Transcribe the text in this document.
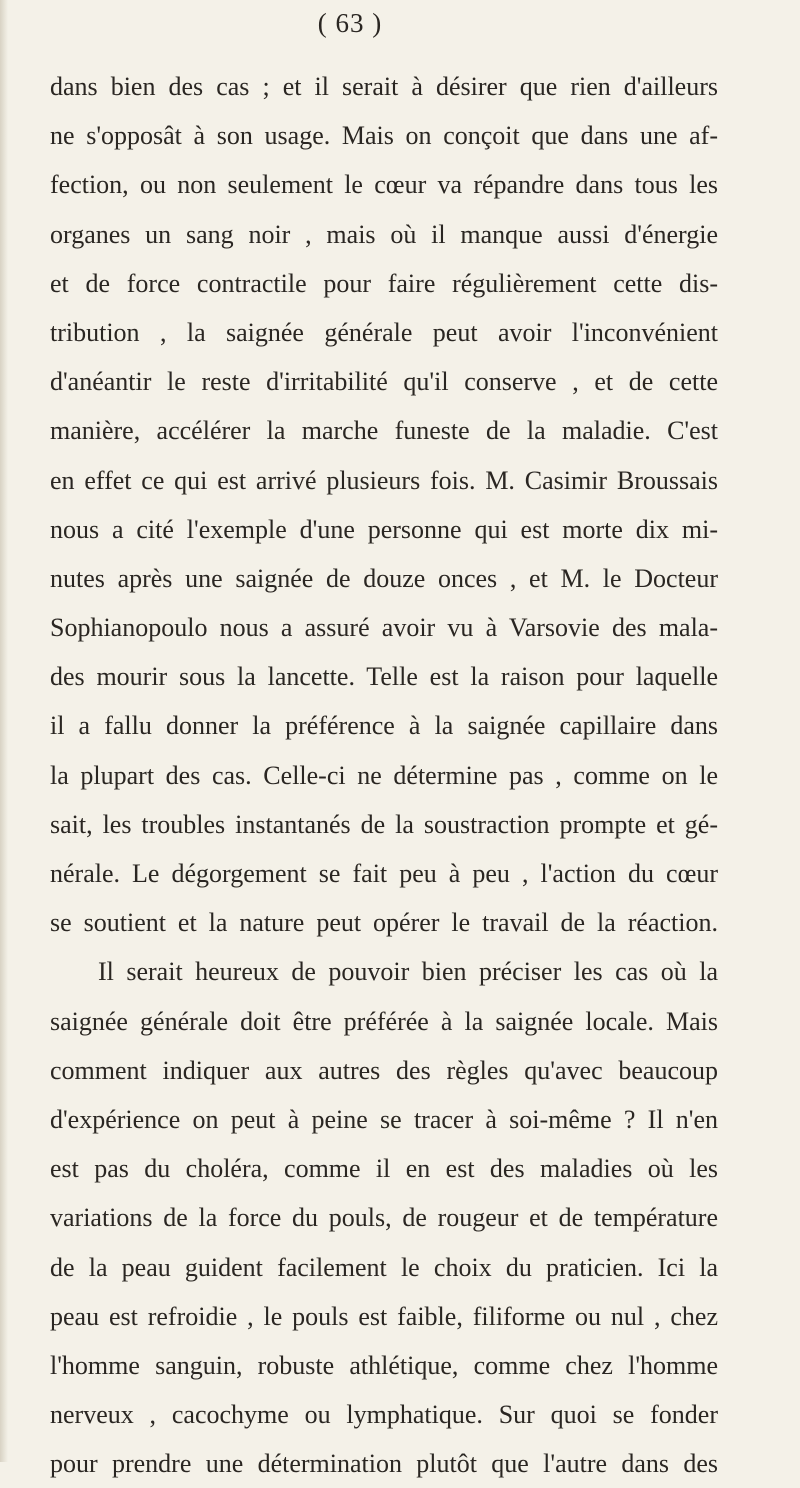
( 63 )
dans bien des cas ; et il serait à désirer que rien d'ailleurs
ne s'opposât à son usage. Mais on conçoit que dans une af-
fection, ou non seulement le cœur va répandre dans tous les
organes un sang noir , mais où il manque aussi d'énergie
et de force contractile pour faire régulièrement cette dis-
tribution , la saignée générale peut avoir l'inconvénient
d'anéantir le reste d'irritabilité qu'il conserve , et de cette
manière, accélérer la marche funeste de la maladie. C'est
en effet ce qui est arrivé plusieurs fois. M. Casimir Broussais
nous a cité l'exemple d'une personne qui est morte dix mi-
nutes après une saignée de douze onces , et M. le Docteur
Sophianopoulo nous a assuré avoir vu à Varsovie des mala-
des mourir sous la lancette. Telle est la raison pour laquelle
il a fallu donner la préférence à la saignée capillaire dans
la plupart des cas. Celle-ci ne détermine pas , comme on le
sait, les troubles instantanés de la soustraction prompte et gé-
nérale. Le dégorgement se fait peu à peu , l'action du cœur
se soutient et la nature peut opérer le travail de la réaction.
Il serait heureux de pouvoir bien préciser les cas où la
saignée générale doit être préférée à la saignée locale. Mais
comment indiquer aux autres des règles qu'avec beaucoup
d'expérience on peut à peine se tracer à soi-même ? Il n'en
est pas du choléra, comme il en est des maladies où les
variations de la force du pouls, de rougeur et de température
de la peau guident facilement le choix du praticien. Ici la
peau est refroidie , le pouls est faible, filiforme ou nul , chez
l'homme sanguin, robuste athlétique, comme chez l'homme
nerveux , cacochyme ou lymphatique. Sur quoi se fonder
pour prendre une détermination plutôt que l'autre dans des
